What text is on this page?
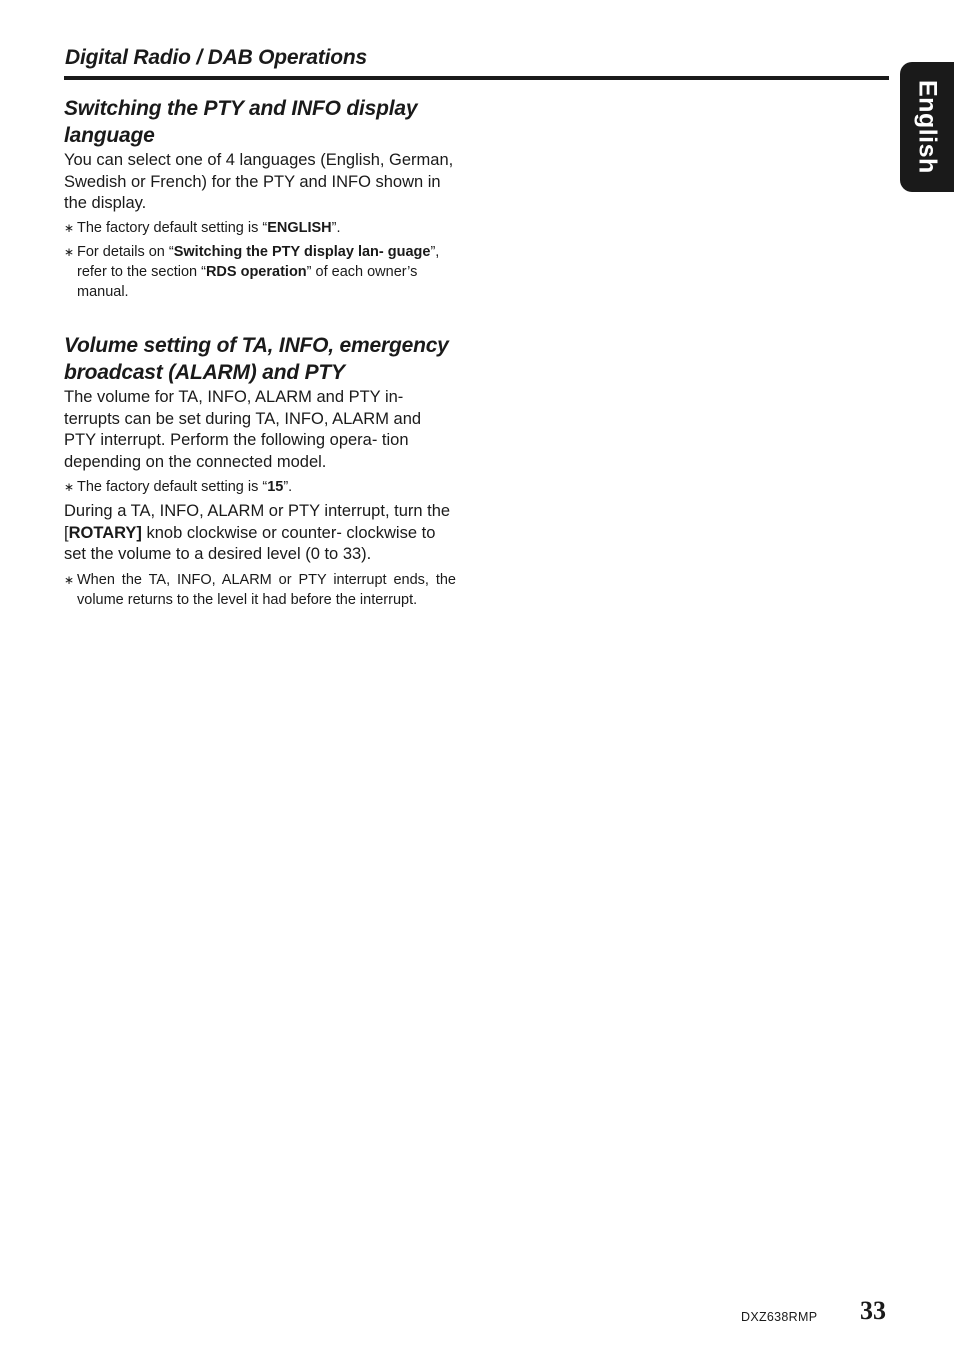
Digital Radio / DAB Operations
English
Switching the PTY and INFO display language

You can select one of 4 languages (English, German, Swedish or French) for the PTY and INFO shown in the display.

∗ The factory default setting is “ENGLISH”.

∗ For details on “Switching the PTY display lan- guage”, refer to the section “RDS operation” of each owner’s manual.

Volume setting of TA, INFO, emergency broadcast (ALARM) and PTY

The volume for TA, INFO, ALARM and PTY in- terrupts can be set during TA, INFO, ALARM and PTY interrupt. Perform the following opera- tion depending on the connected model.

∗ The factory default setting is “15”.

During a TA, INFO, ALARM or PTY interrupt, turn the [ROTARY] knob clockwise or counter- clockwise to set the volume to a desired level (0 to 33).

∗ When the TA, INFO, ALARM or PTY interrupt ends, the volume returns to the level it had before the interrupt.

DXZ638RMP 33
